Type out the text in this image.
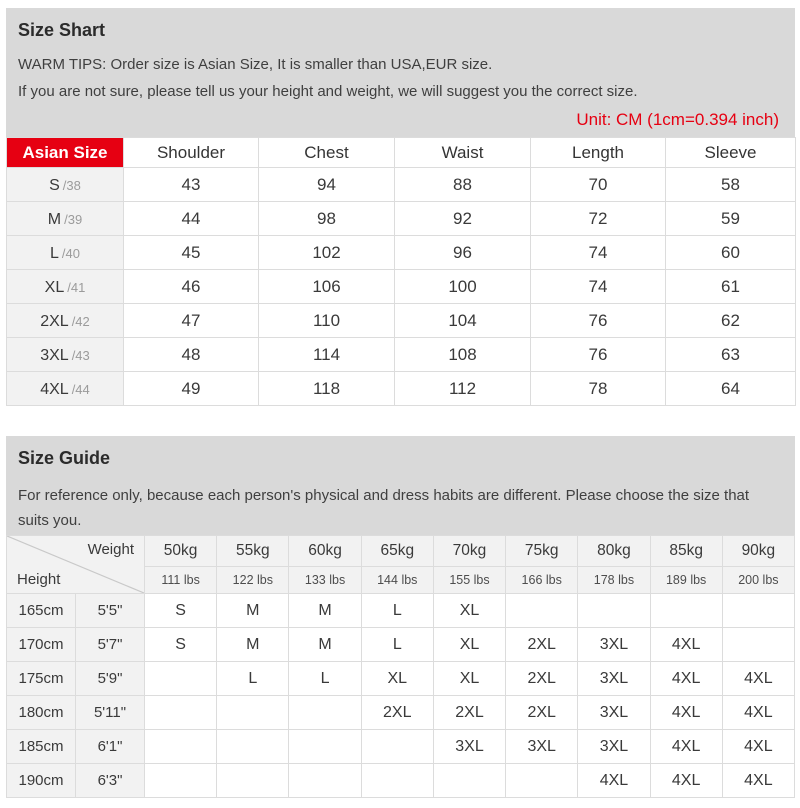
Size Shart

WARM TIPS: Order size is Asian Size, It is smaller than USA,EUR size.

If you are not sure, please tell us your height and weight, we will suggest you the correct size.

Unit: CM (1cm=0.394 inch)

Asian Size	Shoulder	Chest	Waist	Length	Sleeve
S /38	43	94	88	70	58
M /39	44	98	92	72	59
L /40	45	102	96	74	60
XL /41	46	106	100	74	61
2XL /42	47	110	104	76	62
3XL /43	48	114	108	76	63
4XL /44	49	118	112	78	64
Size Guide

For reference only, because each person's physical and dress habits are different. Please choose the size that suits you.

Weight
Height		50kg	55kg	60kg	65kg	70kg	75kg	80kg	85kg	90kg
		111 lbs	122 lbs	133 lbs	144 lbs	155 lbs	166 lbs	178 lbs	189 lbs	200 lbs
165cm	5'5"	S	M	M	L	XL				
170cm	5'7"	S	M	M	L	XL	2XL	3XL	4XL	
175cm	5'9"		L	L	XL	XL	2XL	3XL	4XL	4XL
180cm	5'11"				2XL	2XL	2XL	3XL	4XL	4XL
185cm	6'1"					3XL	3XL	3XL	4XL	4XL
190cm	6'3"							4XL	4XL	4XL
